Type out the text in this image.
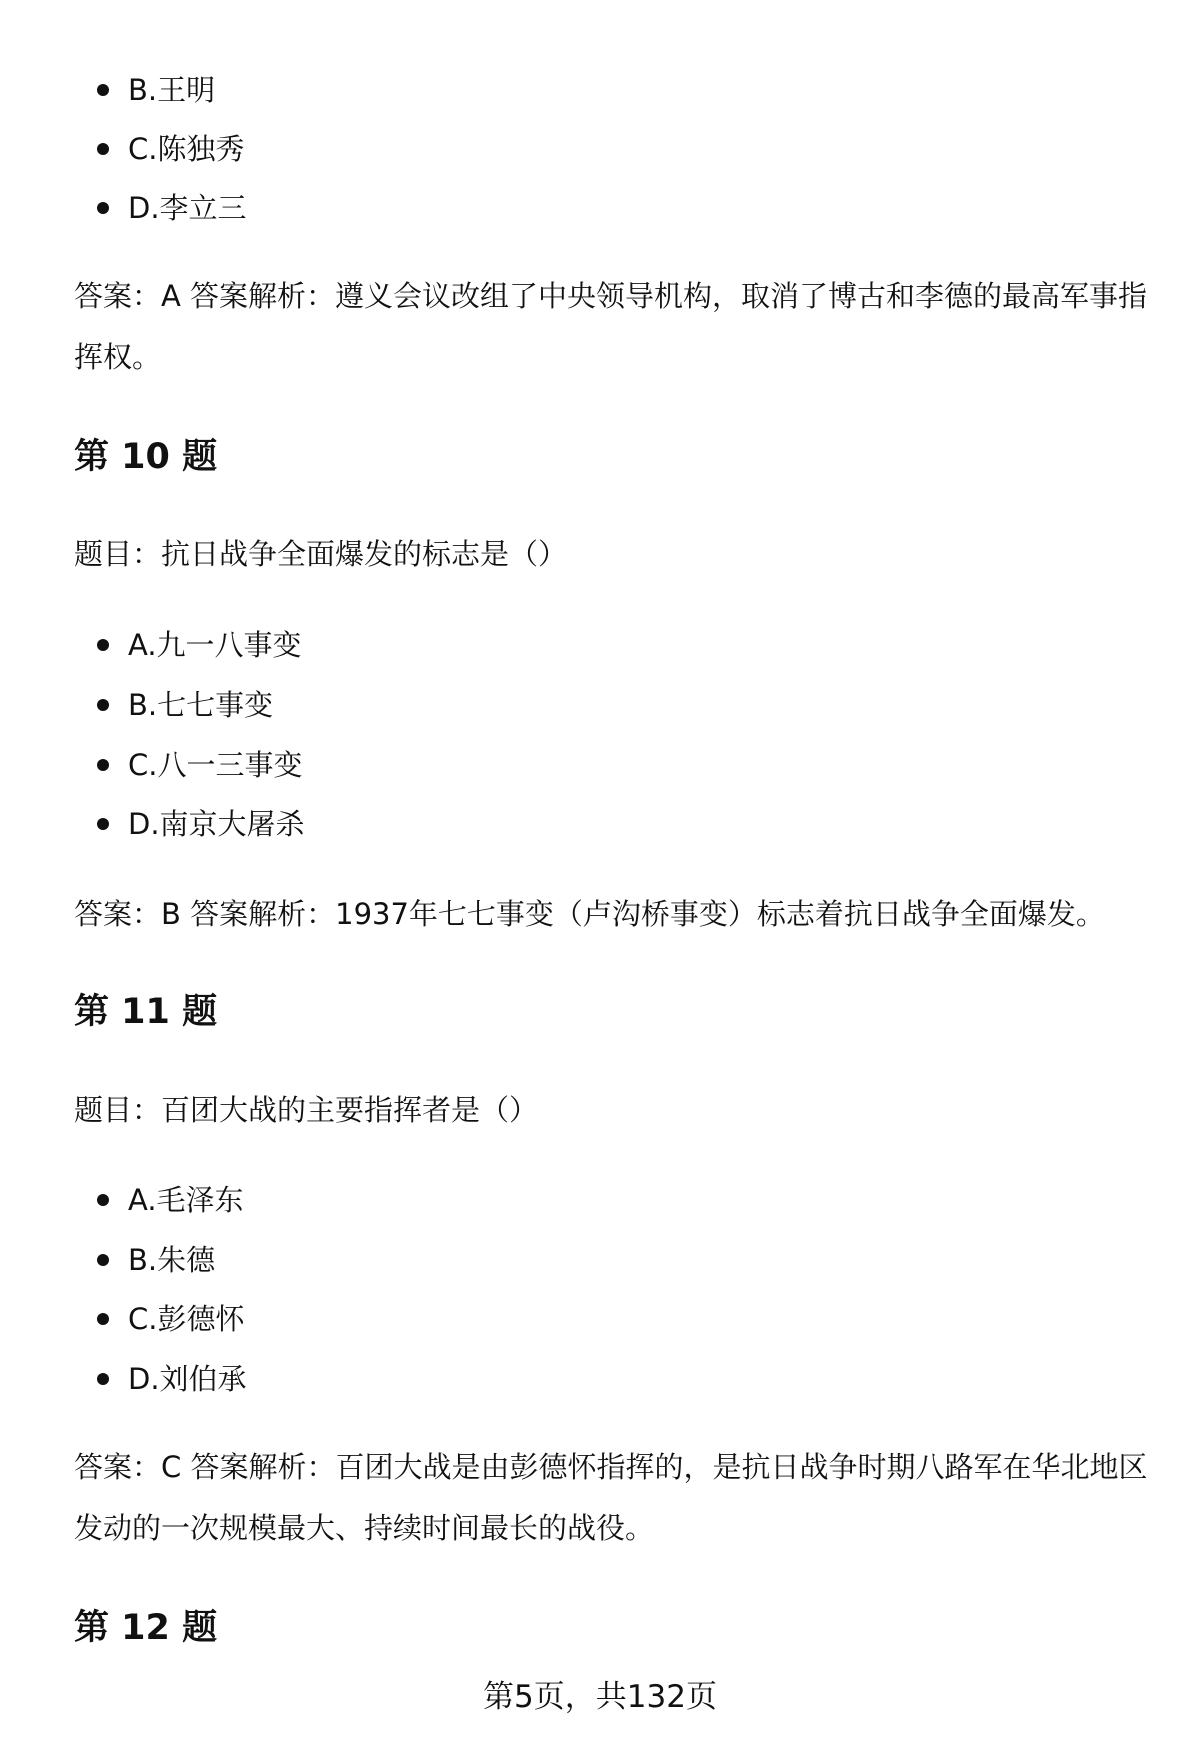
B.王明
C.陈独秀
D.李立三
答案：A 答案解析：遵义会议改组了中央领导机构，取消了博古和李德的最高军事指挥权。
第 10 题
题目：抗日战争全面爆发的标志是（）
A.九一八事变
B.七七事变
C.八一三事变
D.南京大屠杀
答案：B 答案解析：1937年七七事变（卢沟桥事变）标志着抗日战争全面爆发。
第 11 题
题目：百团大战的主要指挥者是（）
A.毛泽东
B.朱德
C.彭德怀
D.刘伯承
答案：C 答案解析：百团大战是由彭德怀指挥的，是抗日战争时期八路军在华北地区发动的一次规模最大、持续时间最长的战役。
第 12 题
第5页，共132页
